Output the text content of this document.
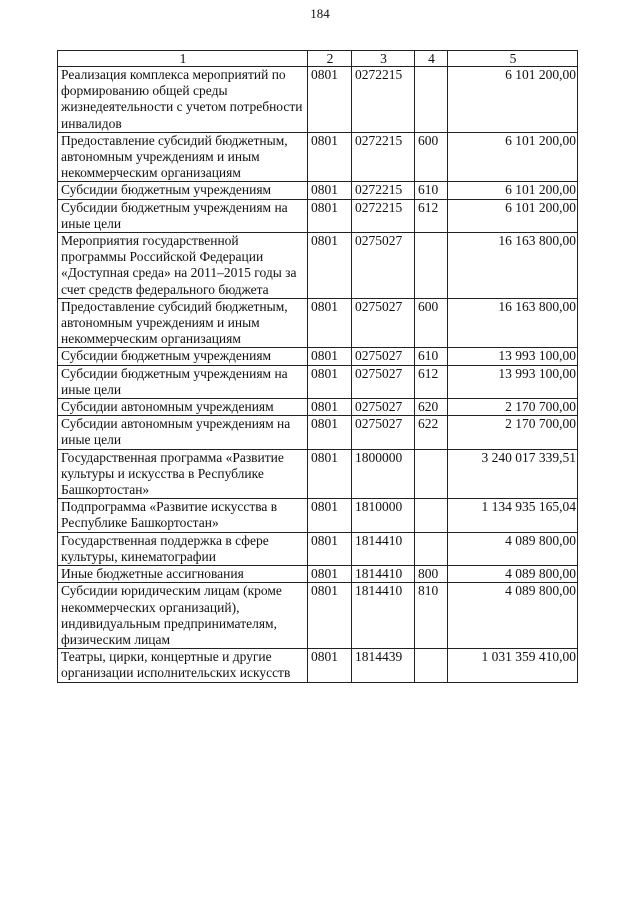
184
1	2	3	4	5
Реализация комплекса мероприятий по формированию общей среды жизнедеятельности с учетом потребности инвалидов	0801	0272215		6 101 200,00
Предоставление субсидий бюджетным, автономным учреждениям и иным некоммерческим организациям	0801	0272215	600	6 101 200,00
Субсидии бюджетным учреждениям	0801	0272215	610	6 101 200,00
Субсидии бюджетным учреждениям на иные цели	0801	0272215	612	6 101 200,00
Мероприятия государственной программы Российской Федерации «Доступная среда» на 2011–2015 годы за счет средств федерального бюджета	0801	0275027		16 163 800,00
Предоставление субсидий бюджетным, автономным учреждениям и иным некоммерческим организациям	0801	0275027	600	16 163 800,00
Субсидии бюджетным учреждениям	0801	0275027	610	13 993 100,00
Субсидии бюджетным учреждениям на иные цели	0801	0275027	612	13 993 100,00
Субсидии автономным учреждениям	0801	0275027	620	2 170 700,00
Субсидии автономным учреждениям на иные цели	0801	0275027	622	2 170 700,00
Государственная программа «Развитие культуры и искусства в Республике Башкортостан»	0801	1800000		3 240 017 339,51
Подпрограмма «Развитие искусства в Республике Башкортостан»	0801	1810000		1 134 935 165,04
Государственная поддержка в сфере культуры, кинематографии	0801	1814410		4 089 800,00
Иные бюджетные ассигнования	0801	1814410	800	4 089 800,00
Субсидии юридическим лицам (кроме некоммерческих организаций), индивидуальным предпринимателям, физическим лицам	0801	1814410	810	4 089 800,00
Театры, цирки, концертные и другие организации исполнительских искусств	0801	1814439		1 031 359 410,00
